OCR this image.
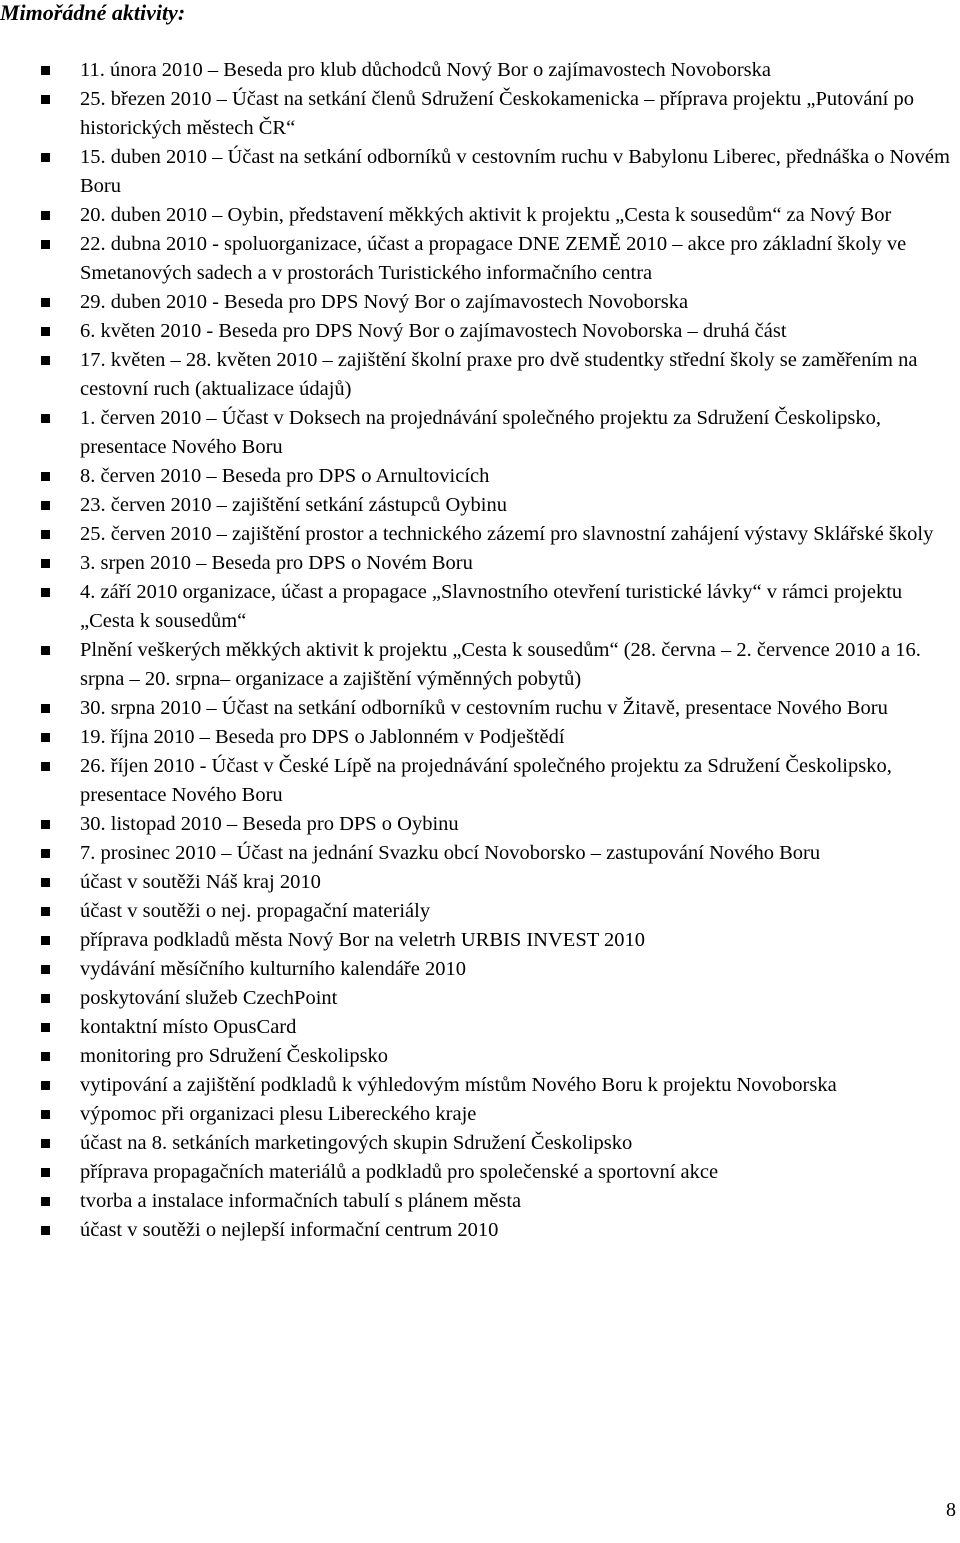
Mimořádné aktivity:
11. února 2010 – Beseda pro klub důchodců Nový Bor o zajímavostech Novoborska
25. březen 2010 – Účast na setkání členů Sdružení Českokamenicka – příprava projektu „Putování po historických městech ČR“
15. duben 2010 – Účast na setkání odborníků v cestovním ruchu v Babylonu Liberec, přednáška o Novém Boru
20. duben 2010 – Oybin, představení měkkých aktivit k projektu „Cesta k sousedům“ za Nový Bor
22. dubna 2010 - spoluorganizace, účast a propagace DNE ZEMĚ 2010 – akce pro základní školy ve Smetanových sadech a v prostorách Turistického informačního centra
29. duben 2010 - Beseda pro DPS Nový Bor o zajímavostech Novoborska
6. květen 2010 - Beseda pro DPS Nový Bor o zajímavostech Novoborska – druhá část
17. květen – 28. květen 2010 – zajištění školní praxe pro dvě studentky střední školy se zaměřením na cestovní ruch (aktualizace údajů)
1. červen 2010 – Účast v Doksech na projednávání společného projektu za Sdružení Českolipsko, presentace Nového Boru
8. červen 2010 – Beseda pro DPS o Arnultovicích
23. červen 2010 – zajištění setkání zástupců Oybinu
25. červen 2010 – zajištění prostor a technického zázemí pro slavnostní zahájení výstavy Sklářské školy
3. srpen 2010 – Beseda pro DPS o Novém Boru
4. září 2010 organizace, účast a propagace „Slavnostního otevření turistické lávky“ v rámci projektu „Cesta k sousedům“
Plnění veškerých měkkých aktivit k projektu „Cesta k sousedům“ (28. června – 2. července 2010 a 16. srpna – 20. srpna– organizace a zajištění výměnných pobytů)
30. srpna 2010 – Účast na setkání odborníků v cestovním ruchu v Žitavě, presentace Nového Boru
19. října 2010 – Beseda pro DPS o Jablonném v Podještědí
26. říjen 2010 - Účast v České Lípě na projednávání společného projektu za Sdružení Českolipsko, presentace Nového Boru
30. listopad 2010 – Beseda pro DPS o Oybinu
7. prosinec 2010 – Účast na jednání Svazku obcí Novoborsko – zastupování Nového Boru
účast v soutěži Náš kraj 2010
účast v soutěži o nej. propagační materiály
příprava podkladů města Nový Bor na veletrh URBIS INVEST 2010
vydávání měsíčního kulturního kalendáře 2010
poskytování služeb CzechPoint
kontaktní místo OpusCard
monitoring pro Sdružení Českolipsko
vytipování a zajištění podkladů k výhledovým místům Nového Boru k projektu Novoborska
výpomoc při organizaci plesu Libereckého kraje
účast na 8. setkáních marketingových skupin Sdružení Českolipsko
příprava propagačních materiálů a podkladů pro společenské a sportovní akce
tvorba a instalace informačních tabulí s plánem města
účast v soutěži o nejlepší informační centrum 2010
8
